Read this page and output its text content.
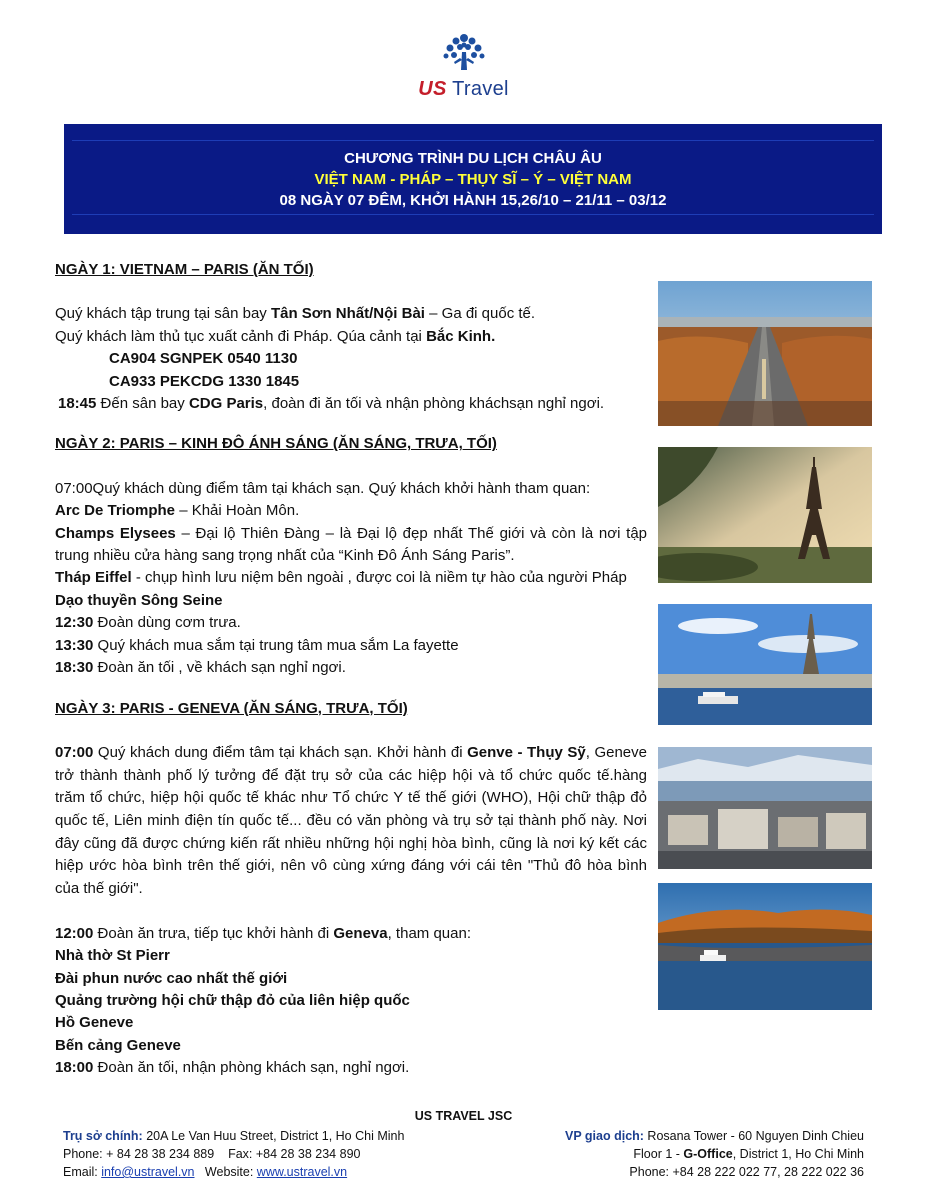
US Travel
CHƯƠNG TRÌNH DU LỊCH CHÂU ÂU
VIỆT NAM - PHÁP – THỤY SĨ – Ý – VIỆT NAM
08 NGÀY 07 ĐÊM, KHỞI HÀNH 15,26/10 – 21/11 – 03/12

NGÀY 1: VIETNAM – PARIS (ĂN TỐI)

Quý khách tập trung tại sân bay Tân Sơn Nhất/Nội Bài – Ga đi quốc tế.

Quý khách làm thủ tục xuất cảnh đi Pháp. Qúa cảnh tại Bắc Kinh.

CA904 SGNPEK 0540 1130

CA933 PEKCDG 1330 1845

18:45 Đến sân bay CDG Paris, đoàn đi ăn tối và nhận phòng kháchsạn nghỉ ngơi.

NGÀY 2: PARIS – KINH ĐÔ ÁNH SÁNG (ĂN SÁNG, TRƯA, TỐI)

07:00Quý khách dùng điểm tâm tại khách sạn. Quý khách khởi hành tham quan:

Arc De Triomphe – Khải Hoàn Môn.

Champs Elysees – Đại lộ Thiên Đàng – là Đại lộ đẹp nhất Thế giới và còn là nơi tập trung nhiều cửa hàng sang trọng nhất của “Kinh Đô Ánh Sáng Paris”.

Tháp Eiffel - chụp hình lưu niệm bên ngoài , được coi là niềm tự hào của người Pháp

Dạo thuyền Sông Seine

12:30 Đoàn dùng cơm trưa.

13:30 Quý khách mua sắm tại trung tâm mua sắm La fayette

18:30 Đoàn ăn tối , về khách sạn nghỉ ngơi.

NGÀY 3: PARIS - GENEVA (ĂN SÁNG, TRƯA, TỐI)

07:00 Quý khách dung điểm tâm tại khách sạn. Khởi hành đi Genve - Thụy Sỹ, Geneve trở thành thành phố lý tưởng để đặt trụ sở của các hiệp hội và tổ chức quốc tế.hàng trăm tổ chức, hiệp hội quốc tế khác như Tổ chức Y tế thế giới (WHO), Hội chữ thập đỏ quốc tế, Liên minh điện tín quốc tế... đều có văn phòng và trụ sở tại thành phố này. Nơi đây cũng đã được chứng kiến rất nhiều những hội nghị hòa bình, cũng là nơi ký kết các hiệp ước hòa bình trên thế giới, nên vô cùng xứng đáng với cái tên "Thủ đô hòa bình của thế giới".

12:00 Đoàn ăn trưa, tiếp tục khởi hành đi Geneva, tham quan:

Nhà thờ St Pierr

Đài phun nước cao nhất thế giới

Quảng trường hội chữ thập đỏ của liên hiệp quốc

Hồ Geneve

Bến cảng Geneve

18:00 Đoàn ăn tối, nhận phòng khách sạn, nghỉ ngơi.

US TRAVEL JSC
Trụ sở chính: 20A Le Van Huu Street, District 1, Ho Chi Minh
Phone: + 84 28 38 234 889    Fax: +84 28 38 234 890
Email: info@ustravel.vn   Website: www.ustravel.vn
VP giao dịch: Rosana Tower - 60 Nguyen Dinh Chieu
Floor 1 - G-Office, District 1, Ho Chi Minh
Phone: +84 28 222 022 77, 28 222 022 36
